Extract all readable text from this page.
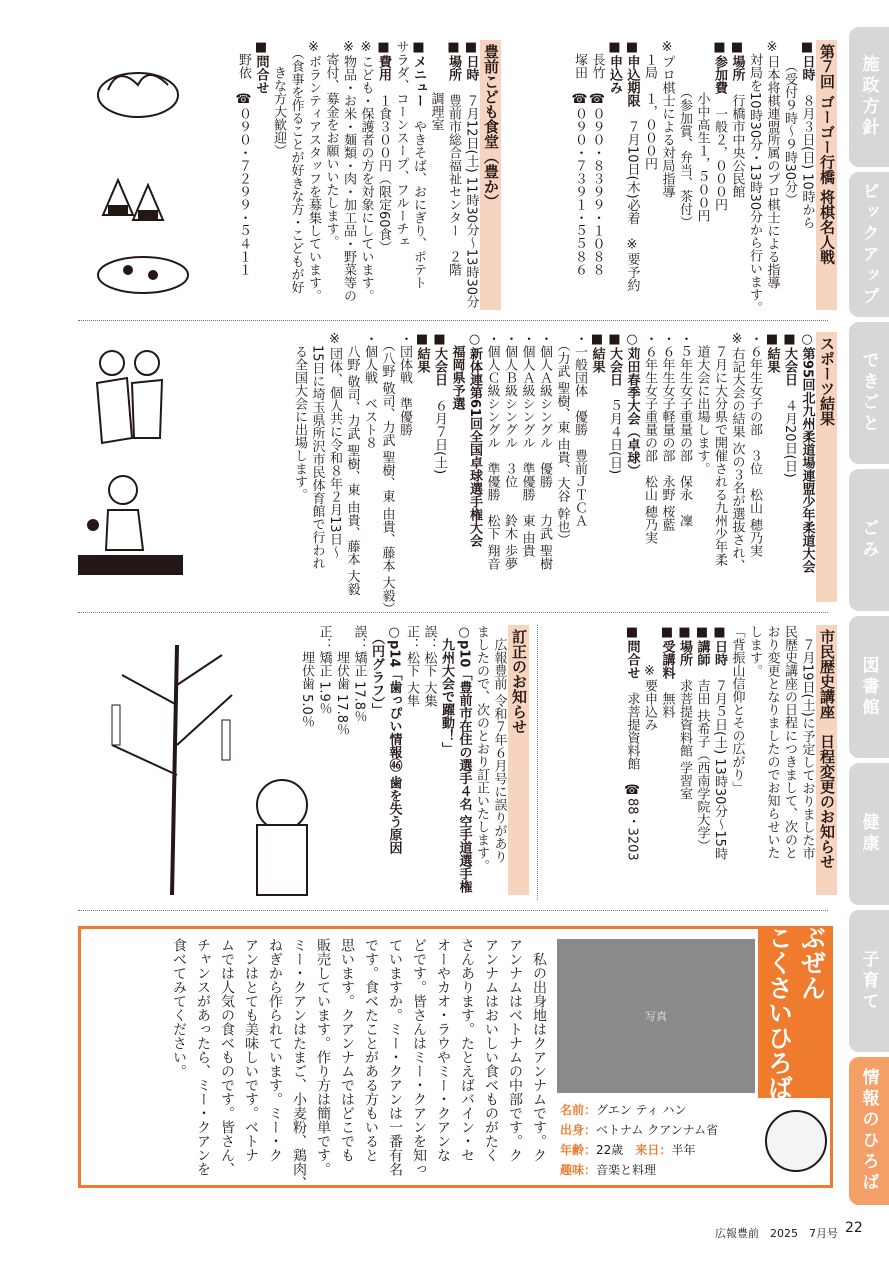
第７回 ゴーゴー行橋 将棋名人戦
■日時　８月３日(日) 10時から
　　（受付９時～９時30分）
※日本将棋連盟所属のプロ棋士による指導
　対局を10時30分・13時30分から行います。
■場所　行橋市中央公民館
■参加費　一般２，０００円
　　　　小中高生１，５００円
　　　　（参加賞、弁当、茶付）
※プロ棋士による対局指導
　１局　１，０００円
■申込期限　７月10日(木)必着　※要予約
■申込み
　長竹　☎０９０・８３９９・１０８８
　塚田　☎０９０・７３９１・５５８６
豊前こども食堂（豊か）
■日時　７月12日(土) 11時30分～13時30分
■場所　豊前市総合福祉センター　２階
　　　　調理室
■メニュー　やきそば、おにぎり、ポテト
サラダ、コーンスープ、フルーチェ
■費用　１食３００円（限定60食）
※こども・保護者の方を対象にしています。
※物品・お米・麺類・肉・加工品・野菜等の
　寄付、募金をお願いいたします。
※ボランティアスタッフを募集しています。
　（食事を作ることが好きな方・こどもが好
　　きな方大歓迎）
■問合せ
　野依　☎０９０・７２９９・５４１１
スポーツ結果
○第95回北九州柔道場連盟少年柔道大会
■大会日　４月20日(日)
■結果
・６年生女子の部　３位　松山 穂乃実
※右記大会の結果 次の３名が選抜され、
　７月に大分県で開催される九州少年柔
　道大会に出場します。
・５年生女子重量の部　保永　凜
・６年生女子軽量の部　永野 桜藍
・６年生女子重量の部　松山 穂乃実
○苅田春季大会（卓球）
■大会日　５月４日(日)
■結果
・一般団体　優勝　豊前ＪＴＣＡ
　（力武 聖樹、東 由貴、大谷 幹也）
・個人Ａ級シングル　優勝　　力武 聖樹
・個人Ａ級シングル　準優勝　東 由貴
・個人Ｂ級シングル　３位　　鈴木 歩夢
・個人Ｃ級シングル　準優勝　松下 翔音
○新体連第61回全国卓球選手権大会
　福岡県予選
■大会日　６月７日(土)
■結果
・団体戦　準優勝
　（八野 敬司、力武 聖樹、東 由貴、藤本 大毅）
・個人戦　ベスト８
　八野 敬司、力武 聖樹、東 由貴、藤本 大毅
※団体、個人共に令和８年２月13日～
　15日に埼玉県所沢市民体育館で行われ
　る全国大会に出場します。
市民歴史講座　日程変更のお知らせ
　７月19日(土)に予定しておりました市
民歴史講座の日程につきまして、次のと
おり変更となりましたのでお知らせいた
します。
「背振山信仰とその広がり」
■日時　７月５日(土) 13時30分～15時
■講師　吉田 扶希子（西南学院大学）
■場所　求菩提資料館 学習室
■受講料　無料
　　　※要申込み
■問合せ　求菩提資料館　☎88・3203
訂正のお知らせ
　広報豊前 令和７年６月号に誤りがあり
ましたので、次のとおり訂正いたします。
○p10「豊前市在住の選手４名 空手道選手権
　九州大会で躍動！」
誤：松下 大集
正：松下 大隼
○p14「歯っぴい情報㊻ 歯を失う原因
　（円グラフ）」
誤：矯正 17.8％
　　埋伏歯 17.8％
正：矯正 1.9％
　　埋伏歯 5.0％
ぶぜん
こくさいひろば
写真
名前：グエン ティ ハン
出身：ベトナム クアンナム省
年齢：22歳　 来日：半年
趣味：音楽と料理
　私の出身地はクアンナムです。ク
アンナムはベトナムの中部です。ク
アンナムはおいしい食べものがたく
さんあります。たとえばバイン・セ
オーやカオ・ラウやミー・クアンな
どです。皆さんはミー・クアンを知っ
ていますか。ミー・クアンは一番有名
です。食べたことがある方もいると
思います。クアンナムではどこでも
販売しています。作り方は簡単です。
ミー・クアンはたまご、小麦粉、鶏肉、
ねぎから作られています。ミー・ク
アンはとても美味しいです。ベトナ
ムでは人気の食べものです。皆さん、
チャンスがあったら、ミー・クアンを
食べてみてください。
施政方針
ピックアップ
できごと
ごみ
図書館
健康
子育て
情報のひろば
広報豊前　 2025　 7月号 22
